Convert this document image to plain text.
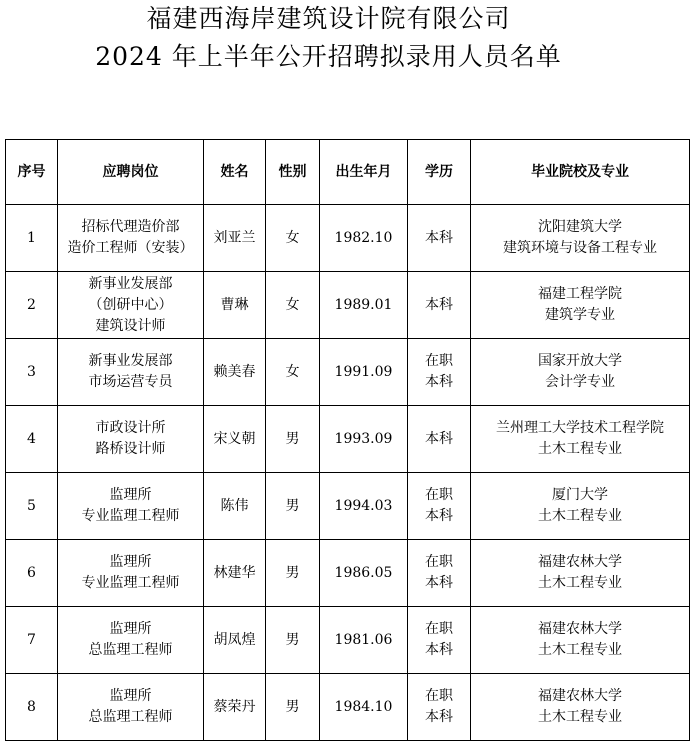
福建西海岸建筑设计院有限公司
2024 年上半年公开招聘拟录用人员名单
序号	应聘岗位	姓名	性别	出生年月	学历	毕业院校及专业
1	招标代理造价部
造价工程师（安装）	刘亚兰	女	1982.10	本科	沈阳建筑大学
建筑环境与设备工程专业

2	新事业发展部
（创研中心）
建筑设计师	曹琳	女	1989.01	本科	福建工程学院
建筑学专业

3	新事业发展部
市场运营专员	赖美春	女	1991.09	在职
本科	国家开放大学
会计学专业

4	市政设计所
路桥设计师	宋义朝	男	1993.09	本科	兰州理工大学技术工程学院
土木工程专业

5	监理所
专业监理工程师	陈伟	男	1994.03	在职
本科	厦门大学
土木工程专业

6	监理所
专业监理工程师	林建华	男	1986.05	在职
本科	福建农林大学
土木工程专业

7	监理所
总监理工程师	胡凤煌	男	1981.06	在职
本科	福建农林大学
土木工程专业

8	监理所
总监理工程师	蔡荣丹	男	1984.10	在职
本科	福建农林大学
土木工程专业
